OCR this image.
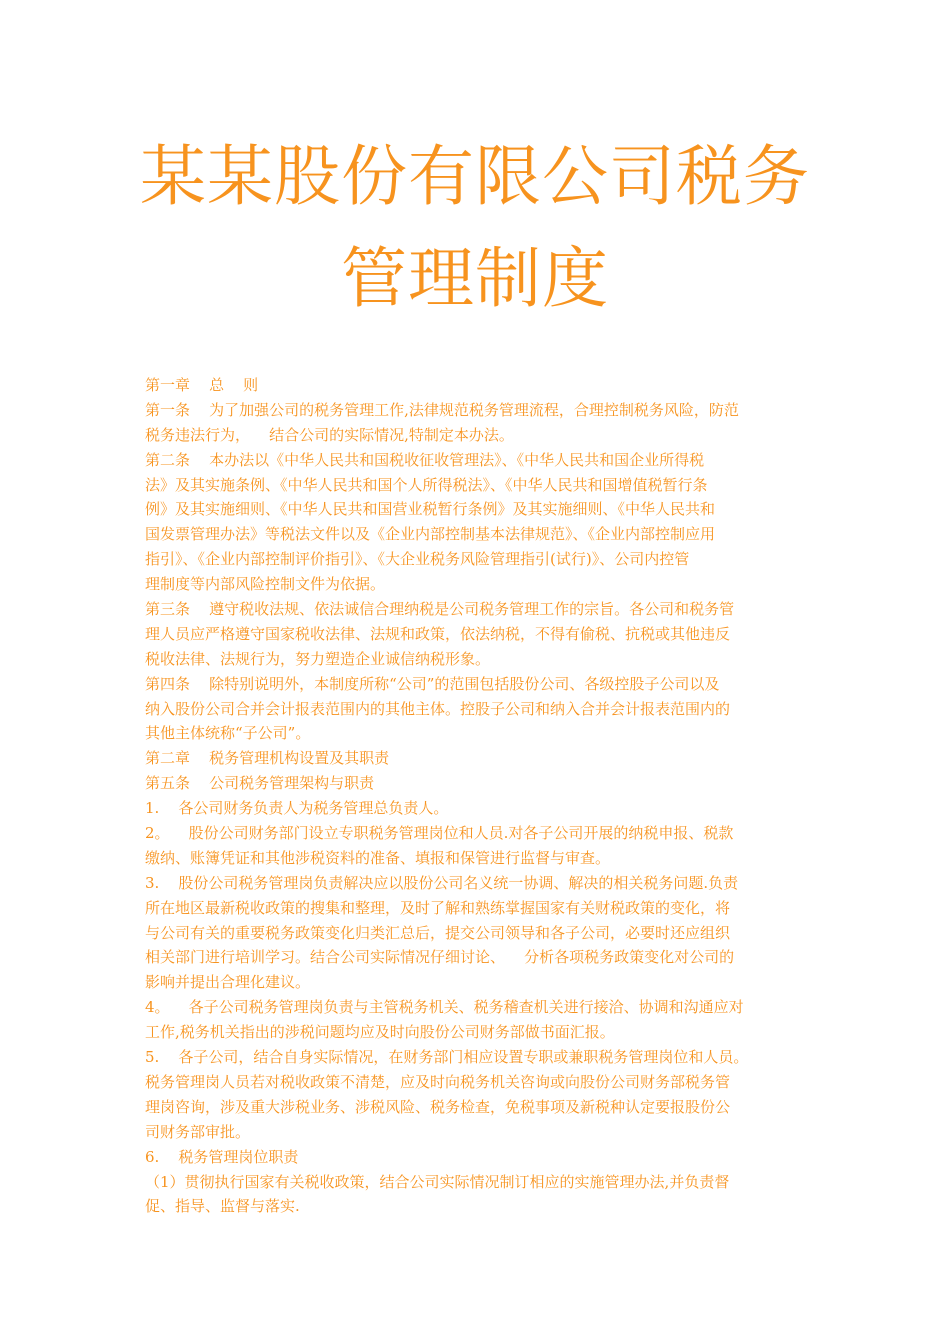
某某股份有限公司税务
管理制度
第一章    总    则
第一条    为了加强公司的税务管理工作,法律规范税务管理流程，合理控制税务风险，防范
税务违法行为，    结合公司的实际情况,特制定本办法。
第二条    本办法以《中华人民共和国税收征收管理法》、《中华人民共和国企业所得税
法》及其实施条例、《中华人民共和国个人所得税法》、《中华人民共和国增值税暂行条
例》及其实施细则、《中华人民共和国营业税暂行条例》及其实施细则、《中华人民共和
国发票管理办法》等税法文件以及《企业内部控制基本法律规范》、《企业内部控制应用
指引》、《企业内部控制评价指引》、《大企业税务风险管理指引(试行)》、公司内控管
理制度等内部风险控制文件为依据。
第三条    遵守税收法规、依法诚信合理纳税是公司税务管理工作的宗旨。各公司和税务管
理人员应严格遵守国家税收法律、法规和政策，依法纳税，不得有偷税、抗税或其他违反
税收法律、法规行为，努力塑造企业诚信纳税形象。
第四条    除特别说明外，本制度所称“公司”的范围包括股份公司、各级控股子公司以及
纳入股份公司合并会计报表范围内的其他主体。控股子公司和纳入合并会计报表范围内的
其他主体统称“子公司”。
第二章    税务管理机构设置及其职责
第五条    公司税务管理架构与职责
1.    各公司财务负责人为税务管理总负责人。
2。    股份公司财务部门设立专职税务管理岗位和人员.对各子公司开展的纳税申报、税款
缴纳、账簿凭证和其他涉税资料的准备、填报和保管进行监督与审查。
3.    股份公司税务管理岗负责解决应以股份公司名义统一协调、解决的相关税务问题.负责
所在地区最新税收政策的搜集和整理，及时了解和熟练掌握国家有关财税政策的变化，将
与公司有关的重要税务政策变化归类汇总后，提交公司领导和各子公司，必要时还应组织
相关部门进行培训学习。结合公司实际情况仔细讨论、    分析各项税务政策变化对公司的
影响并提出合理化建议。
4。    各子公司税务管理岗负责与主管税务机关、税务稽查机关进行接洽、协调和沟通应对
工作,税务机关指出的涉税问题均应及时向股份公司财务部做书面汇报。
5.    各子公司，结合自身实际情况，在财务部门相应设置专职或兼职税务管理岗位和人员。
税务管理岗人员若对税收政策不清楚，应及时向税务机关咨询或向股份公司财务部税务管
理岗咨询，涉及重大涉税业务、涉税风险、税务检查，免税事项及新税种认定要报股份公
司财务部审批。
6.    税务管理岗位职责
（1）贯彻执行国家有关税收政策，结合公司实际情况制订相应的实施管理办法,并负责督
促、指导、监督与落实.
